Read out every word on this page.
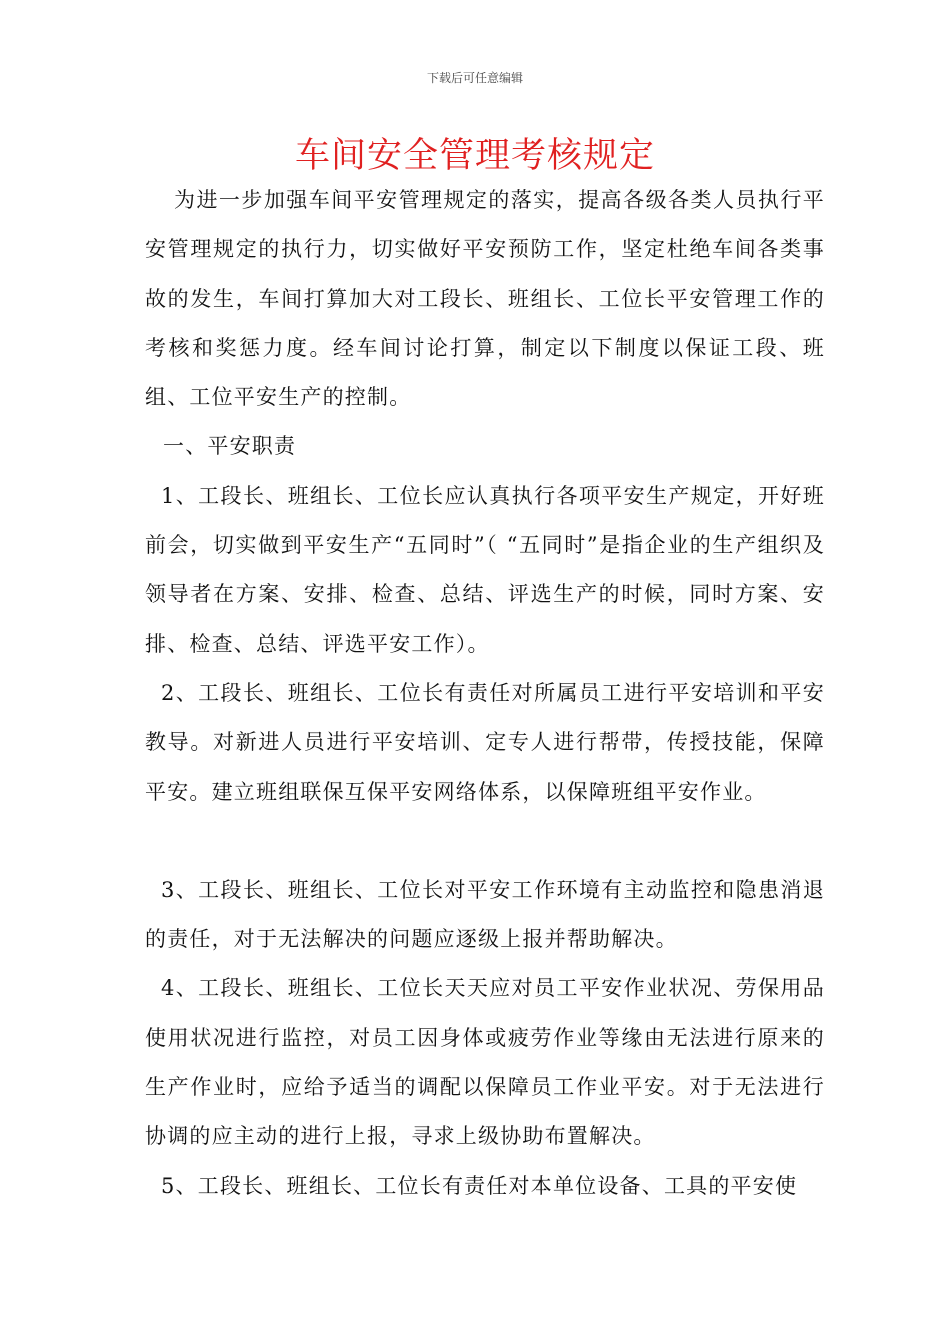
下载后可任意编辑
车间安全管理考核规定

为进一步加强车间平安管理规定的落实，提高各级各类人员执行平安管理规定的执行力，切实做好平安预防工作，坚定杜绝车间各类事故的发生，车间打算加大对工段长、班组长、工位长平安管理工作的考核和奖惩力度。经车间讨论打算，制定以下制度以保证工段、班组、工位平安生产的控制。

一、平安职责

1、工段长、班组长、工位长应认真执行各项平安生产规定，开好班前会，切实做到平安生产“五同时”（ “五同时”是指企业的生产组织及领导者在方案、安排、检查、总结、评选生产的时候，同时方案、安排、检查、总结、评选平安工作）。

2、工段长、班组长、工位长有责任对所属员工进行平安培训和平安教导。对新进人员进行平安培训、定专人进行帮带，传授技能，保障平安。建立班组联保互保平安网络体系，以保障班组平安作业。

3、工段长、班组长、工位长对平安工作环境有主动监控和隐患消退的责任，对于无法解决的问题应逐级上报并帮助解决。

4、工段长、班组长、工位长天天应对员工平安作业状况、劳保用品使用状况进行监控，对员工因身体或疲劳作业等缘由无法进行原来的生产作业时，应给予适当的调配以保障员工作业平安。对于无法进行协调的应主动的进行上报，寻求上级协助布置解决。

5、工段长、班组长、工位长有责任对本单位设备、工具的平安使
